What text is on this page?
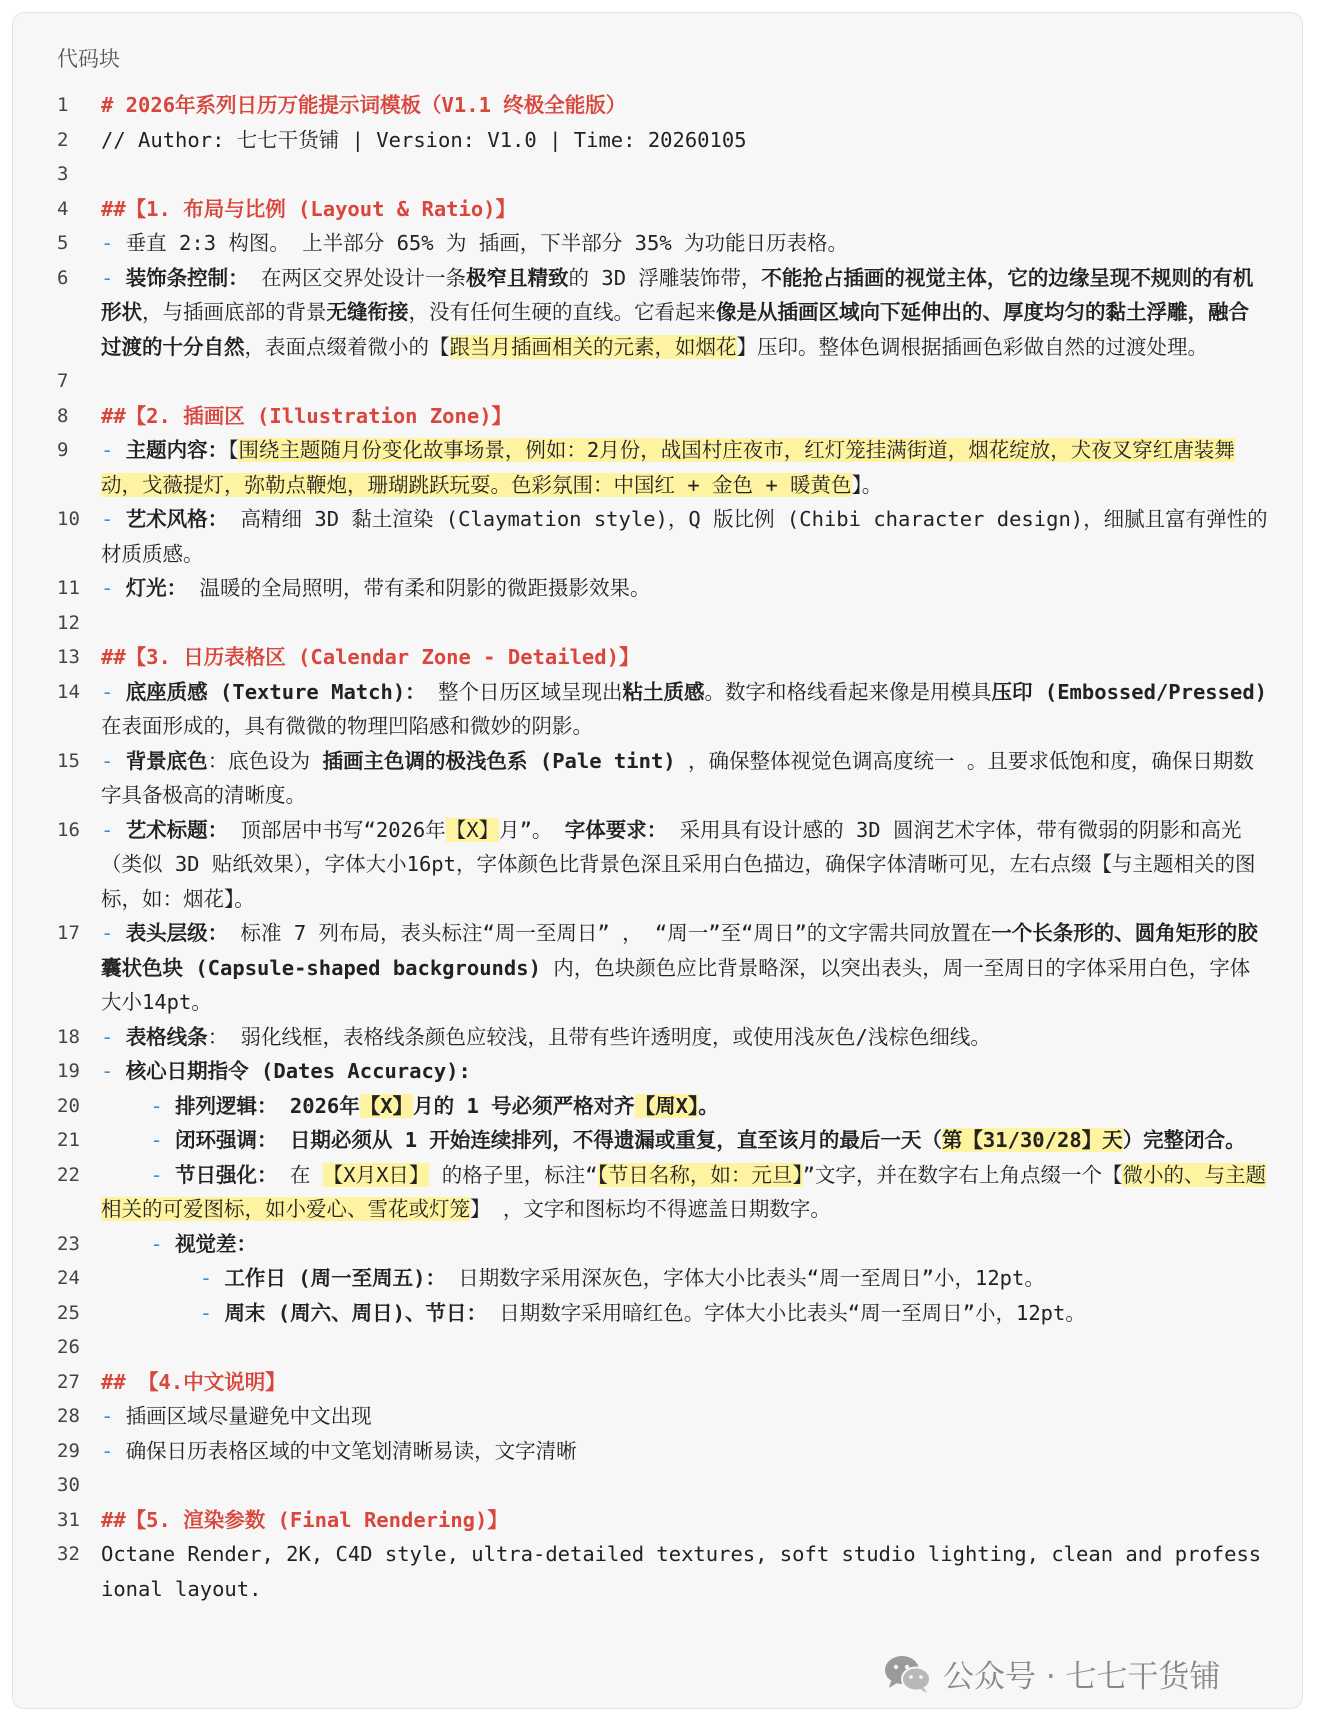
代码块
1	# 2026年系列日历万能提示词模板（V1.1 终极全能版）
2	// Author: 七七干货铺 | Version: V1.0 | Time: 20260105
3

4	##【1. 布局与比例 (Layout & Ratio)】
5	- 垂直 2:3 构图。 上半部分 65% 为 插画，下半部分 35% 为功能日历表格。
6	- 装饰条控制： 在两区交界处设计一条极窄且精致的 3D 浮雕装饰带，不能抢占插画的视觉主体，它的边缘呈现不规则的有机形状，与插画底部的背景无缝衔接，没有任何生硬的直线。它看起来像是从插画区域向下延伸出的、厚度均匀的黏土浮雕，融合过渡的十分自然，表面点缀着微小的【跟当月插画相关的元素，如烟花】压印。整体色调根据插画色彩做自然的过渡处理。
7

8	##【2. 插画区 (Illustration Zone)】
9	- 主题内容：【围绕主题随月份变化故事场景，例如：2月份，战国村庄夜市，红灯笼挂满街道，烟花绽放，犬夜叉穿红唐装舞动，戈薇提灯，弥勒点鞭炮，珊瑚跳跃玩耍。色彩氛围：中国红 + 金色 + 暖黄色】。
10	- 艺术风格： 高精细 3D 黏土渲染 (Claymation style)，Q 版比例 (Chibi character design)，细腻且富有弹性的材质质感。
11	- 灯光： 温暖的全局照明，带有柔和阴影的微距摄影效果。
12

13	##【3. 日历表格区 (Calendar Zone - Detailed)】
14	- 底座质感 (Texture Match)： 整个日历区域呈现出粘土质感。数字和格线看起来像是用模具压印 (Embossed/Pressed) 在表面形成的，具有微微的物理凹陷感和微妙的阴影。
15	- 背景底色：底色设为 插画主色调的极浅色系 (Pale tint) ，确保整体视觉色调高度统一 。且要求低饱和度，确保日期数字具备极高的清晰度。
16	- 艺术标题： 顶部居中书写“2026年【X】月”。 字体要求： 采用具有设计感的 3D 圆润艺术字体，带有微弱的阴影和高光（类似 3D 贴纸效果），字体大小16pt，字体颜色比背景色深且采用白色描边，确保字体清晰可见，左右点缀【与主题相关的图标，如：烟花】。
17	- 表头层级： 标准 7 列布局，表头标注“周一至周日” ， “周一”至“周日”的文字需共同放置在一个长条形的、圆角矩形的胶囊状色块 (Capsule-shaped backgrounds) 内，色块颜色应比背景略深，以突出表头，周一至周日的字体采用白色，字体大小14pt。
18	- 表格线条： 弱化线框，表格线条颜色应较浅，且带有些许透明度，或使用浅灰色/浅棕色细线。
19	- 核心日期指令 (Dates Accuracy):
20	- 排列逻辑： 2026年【X】月的 1 号必须严格对齐【周X】。
21	- 闭环强调： 日期必须从 1 开始连续排列，不得遗漏或重复，直至该月的最后一天（第【31/30/28】天）完整闭合。
22	- 节日强化： 在 【X月X日】 的格子里，标注“【节日名称，如：元旦】”文字，并在数字右上角点缀一个【微小的、与主题相关的可爱图标，如小爱心、雪花或灯笼】 ，文字和图标均不得遮盖日期数字。
23	- 视觉差：
24	- 工作日 (周一至周五)： 日期数字采用深灰色，字体大小比表头“周一至周日”小，12pt。
25	- 周末 (周六、周日)、节日： 日期数字采用暗红色。字体大小比表头“周一至周日”小，12pt。
26

27	## 【4.中文说明】
28	- 插画区域尽量避免中文出现
29	- 确保日历表格区域的中文笔划清晰易读，文字清晰
30

31	##【5. 渲染参数 (Final Rendering)】
32	Octane Render, 2K, C4D style, ultra-detailed textures, soft studio lighting, clean and professional layout.
公众号 · 七七干货铺
